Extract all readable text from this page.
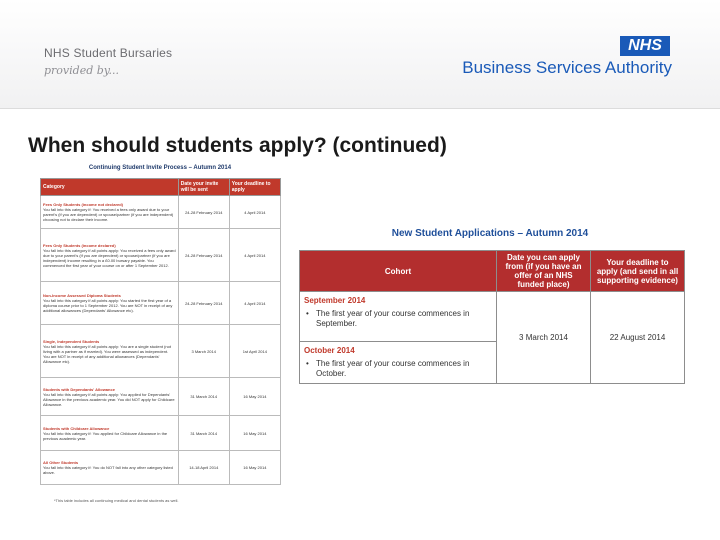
NHS Student Bursaries
provided by...
NHS
Business Services Authority
When should students apply? (continued)
Continuing Student Invite Process – Autumn 2014
Category	Date your invite will be sent	Your deadline to apply

Fees Only Students (income not declared)
You fall into this category if: You received a fees only award due to your parent's (if you are dependent) or spouse/partner (if you are independent) choosing not to declare their income.	24-28 February 2014	4 April 2014

Fees Only Students (income declared)
You fall into this category if all points apply: You received a fees only award due to your parent's (if you are dependent) or spouse/partner (if you are independent) income resulting in a £0.00 bursary payable. You commenced the first year of your course on or after 1 September 2012.	24-28 February 2014	4 April 2014

Non-Income Assessed Diploma Students
You fall into this category if all points apply: You started the first year of a diploma course prior to 1 September 2012. You are NOT in receipt of any additional allowances (Dependants' Allowance etc).	24-28 February 2014	4 April 2014

Single, Independent Students
You fall into this category if all points apply: You are a single student (not living with a partner as if married). You were assessed as independent. You are NOT in receipt of any additional allowances (Dependants' Allowance etc).	3 March 2014	1st April 2014

Students with Dependants' Allowance
You fall into this category if all points apply: You applied for Dependants' Allowance in the previous academic year. You did NOT apply for Childcare Allowance.	31 March 2014	16 May 2014

Students with Childcare Allowance
You fall into this category if: You applied for Childcare Allowance in the previous academic year.	31 March 2014	16 May 2014

All Other Students
You fall into this category if: You do NOT fall into any other category listed above.	14-18 April 2014	16 May 2014
*This table includes all continuing medical and dental students as well.
New Student Applications – Autumn 2014
Cohort	Date you can apply from (if you have an offer of an NHS funded place)	Your deadline to apply (and send in all supporting evidence)

September 2014
• The first year of your course commences in September.	3 March 2014	22 August 2014

October 2014
• The first year of your course commences in October.
